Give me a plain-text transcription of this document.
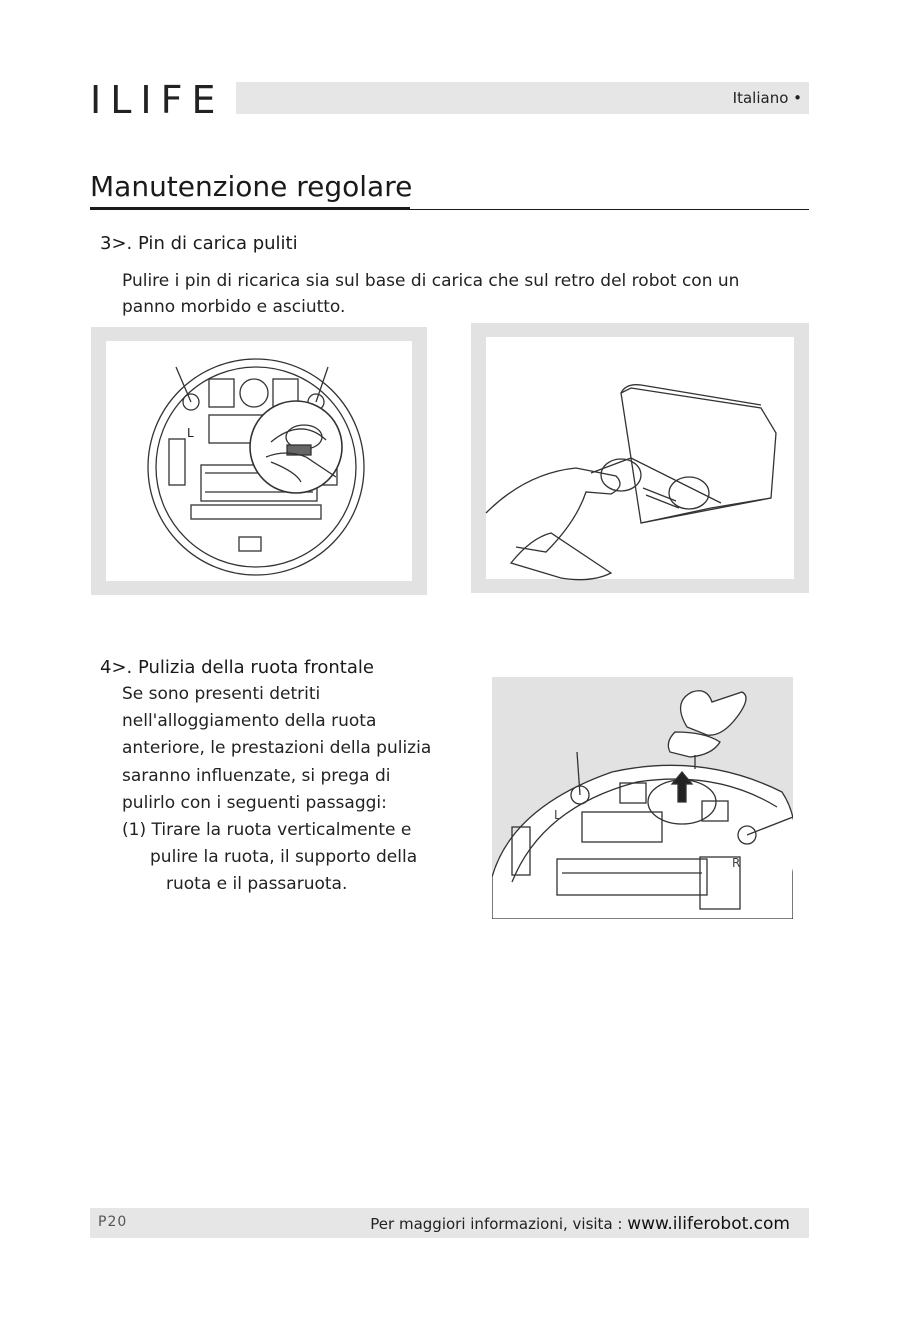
ILIFE	Italiano •
Manutenzione regolare
3>. Pin di carica puliti
Pulire i pin di ricarica sia sul base di carica che sul retro del robot con un
panno morbido e asciutto.
L
4>. Pulizia della ruota frontale
Se sono presenti detriti
nell'alloggiamento della ruota
anteriore, le prestazioni della pulizia
saranno influenzate, si prega di
pulirlo con i seguenti passaggi:
(1) Tirare la ruota verticalmente e
pulire la ruota, il supporto della
ruota e il passaruota.
L
R
P20	Per maggiori informazioni, visita : www.iliferobot.com
